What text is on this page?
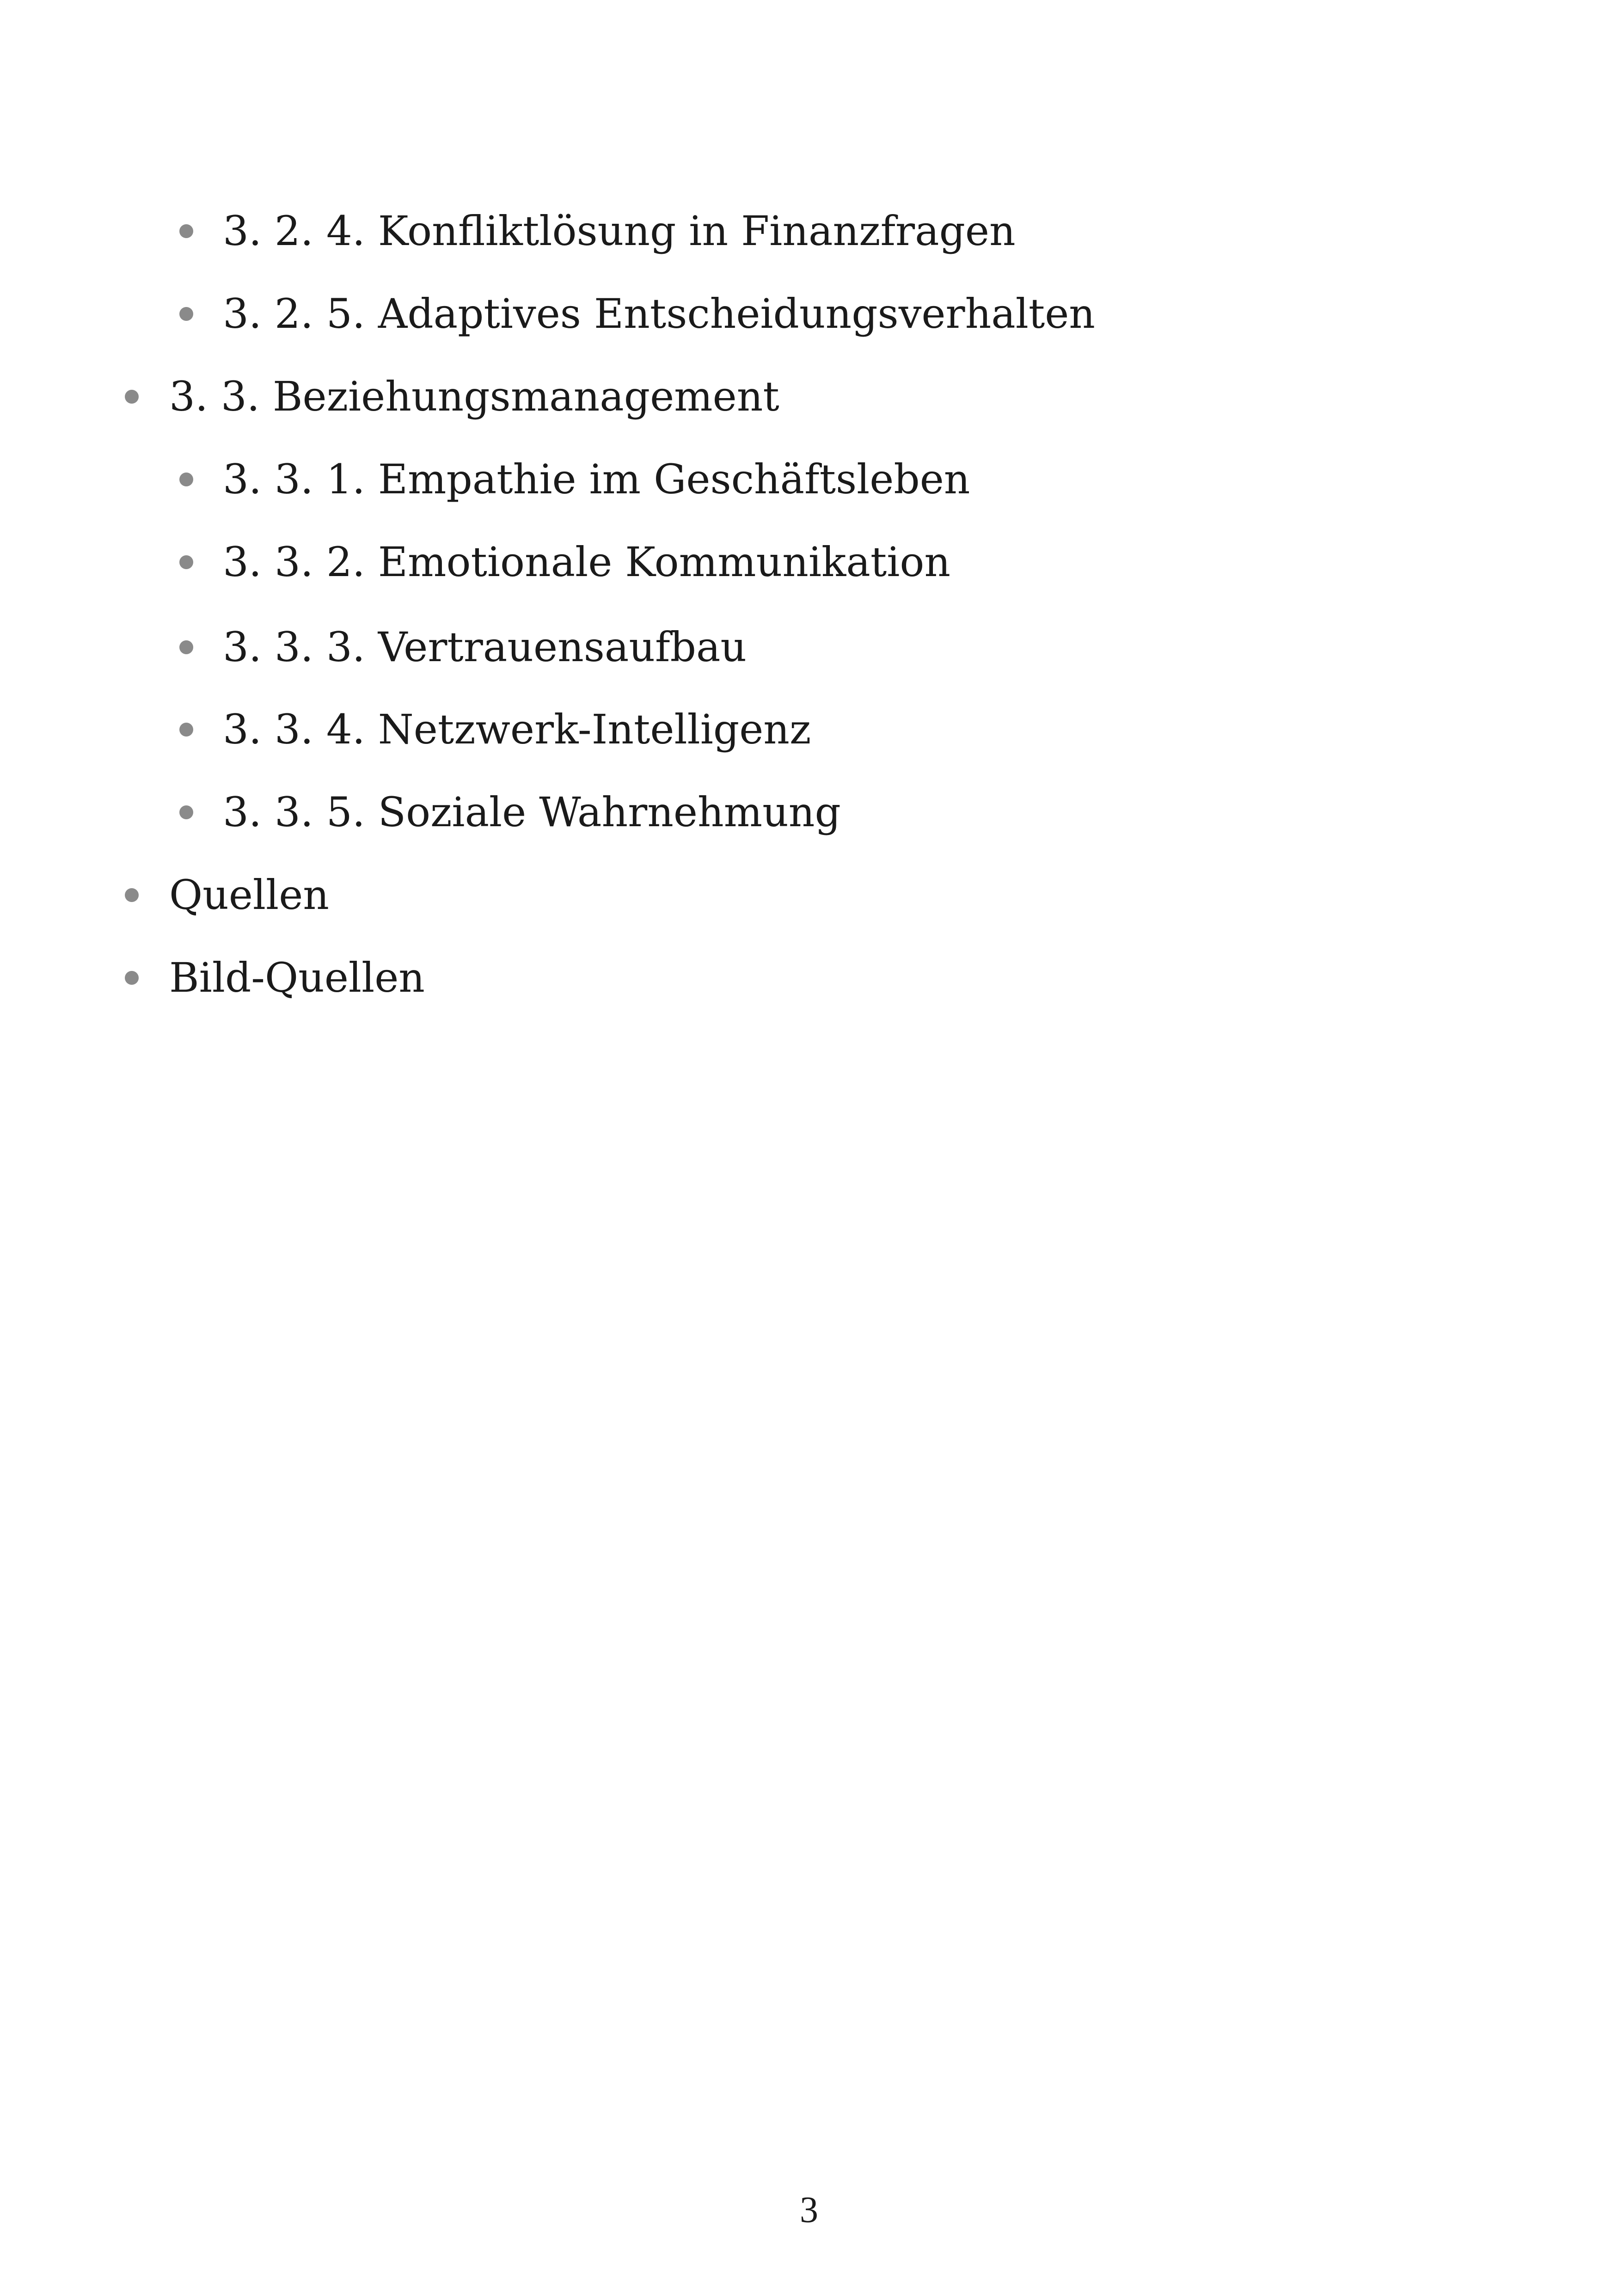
3. 2. 4. Konfliktlösung in Finanzfragen
3. 2. 5. Adaptives Entscheidungsverhalten
3. 3. Beziehungsmanagement
3. 3. 1. Empathie im Geschäftsleben
3. 3. 2. Emotionale Kommunikation
3. 3. 3. Vertrauensaufbau
3. 3. 4. Netzwerk-Intelligenz
3. 3. 5. Soziale Wahrnehmung
Quellen
Bild-Quellen
3
